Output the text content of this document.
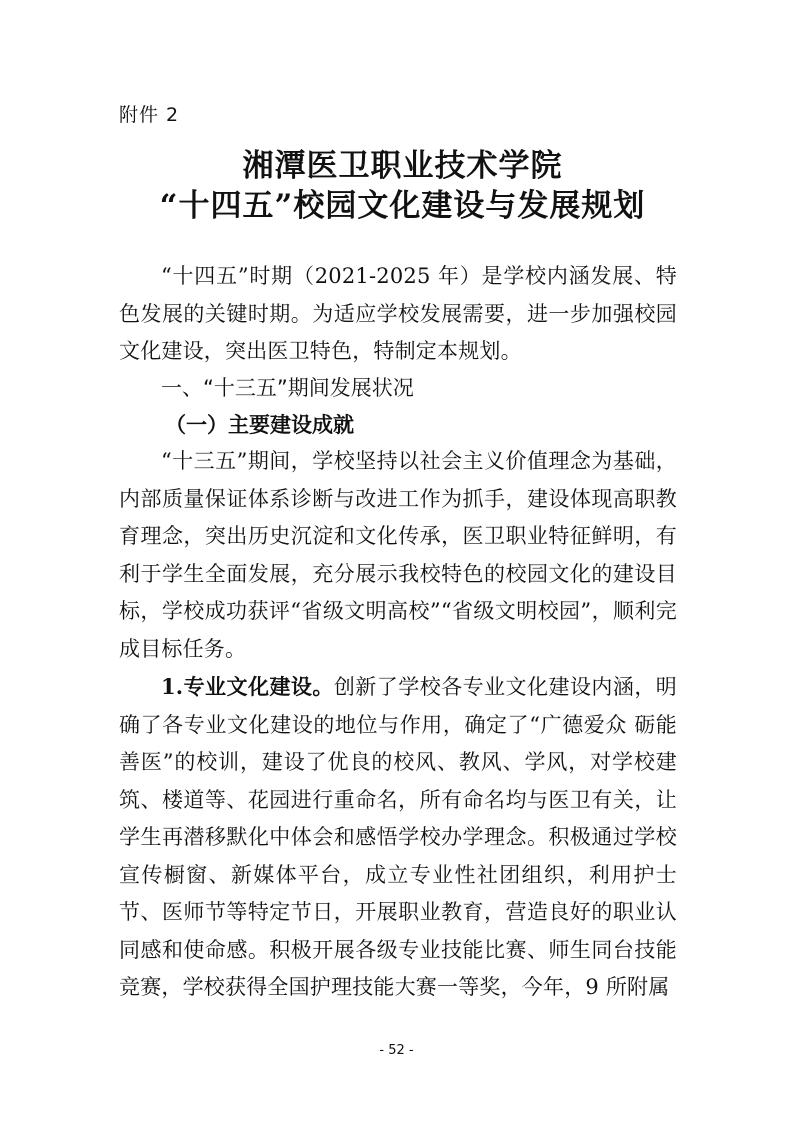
附件 2
湘潭医卫职业技术学院
“十四五”校园文化建设与发展规划

“十四五”时期（2021-2025 年）是学校内涵发展、特色发展的关键时期。为适应学校发展需要，进一步加强校园文化建设，突出医卫特色，特制定本规划。

一、“十三五”期间发展状况

（一）主要建设成就

“十三五”期间，学校坚持以社会主义价值理念为基础，内部质量保证体系诊断与改进工作为抓手，建设体现高职教育理念，突出历史沉淀和文化传承，医卫职业特征鲜明，有利于学生全面发展，充分展示我校特色的校园文化的建设目标，学校成功获评“省级文明高校”“省级文明校园”，顺利完成目标任务。

1.专业文化建设。创新了学校各专业文化建设内涵，明确了各专业文化建设的地位与作用，确定了“广德爱众 砺能善医”的校训，建设了优良的校风、教风、学风，对学校建筑、楼道等、花园进行重命名，所有命名均与医卫有关，让学生再潜移默化中体会和感悟学校办学理念。积极通过学校宣传橱窗、新媒体平台，成立专业性社团组织，利用护士节、医师节等特定节日，开展职业教育，营造良好的职业认同感和使命感。积极开展各级专业技能比赛、师生同台技能竞赛，学校获得全国护理技能大赛一等奖，今年，9 所附属

- 52 -
